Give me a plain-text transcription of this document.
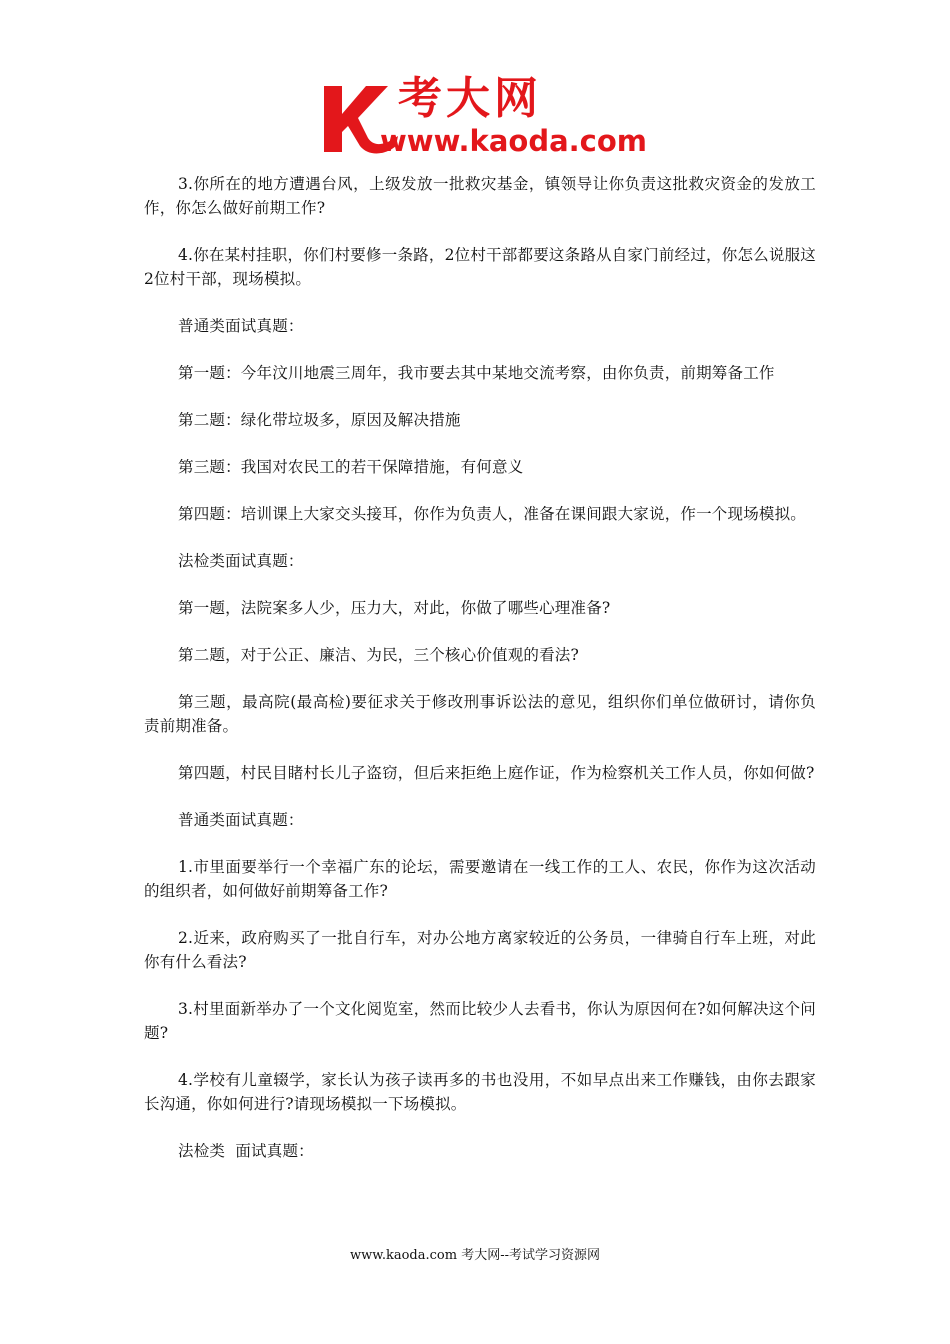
考大网
www.kaoda.com

3.你所在的地方遭遇台风，上级发放一批救灾基金，镇领导让你负责这批救灾资金的发放工作，你怎么做好前期工作?

4.你在某村挂职，你们村要修一条路，2位村干部都要这条路从自家门前经过，你怎么说服这2位村干部，现场模拟。

普通类面试真题：

第一题：今年汶川地震三周年，我市要去其中某地交流考察，由你负责，前期筹备工作

第二题：绿化带垃圾多，原因及解决措施

第三题：我国对农民工的若干保障措施，有何意义

第四题：培训课上大家交头接耳，你作为负责人，准备在课间跟大家说，作一个现场模拟。

法检类面试真题：

第一题，法院案多人少，压力大，对此，你做了哪些心理准备?

第二题，对于公正、廉洁、为民，三个核心价值观的看法?

第三题，最高院(最高检)要征求关于修改刑事诉讼法的意见，组织你们单位做研讨，请你负责前期准备。

第四题，村民目睹村长儿子盗窃，但后来拒绝上庭作证，作为检察机关工作人员，你如何做?

普通类面试真题：

1.市里面要举行一个幸福广东的论坛，需要邀请在一线工作的工人、农民，你作为这次活动的组织者，如何做好前期筹备工作?

2.近来，政府购买了一批自行车，对办公地方离家较近的公务员，一律骑自行车上班，对此你有什么看法?

3.村里面新举办了一个文化阅览室，然而比较少人去看书，你认为原因何在?如何解决这个问题?

4.学校有儿童辍学，家长认为孩子读再多的书也没用，不如早点出来工作赚钱，由你去跟家长沟通，你如何进行?请现场模拟一下场模拟。

法检类  面试真题：

www.kaoda.com 考大网--考试学习资源网
